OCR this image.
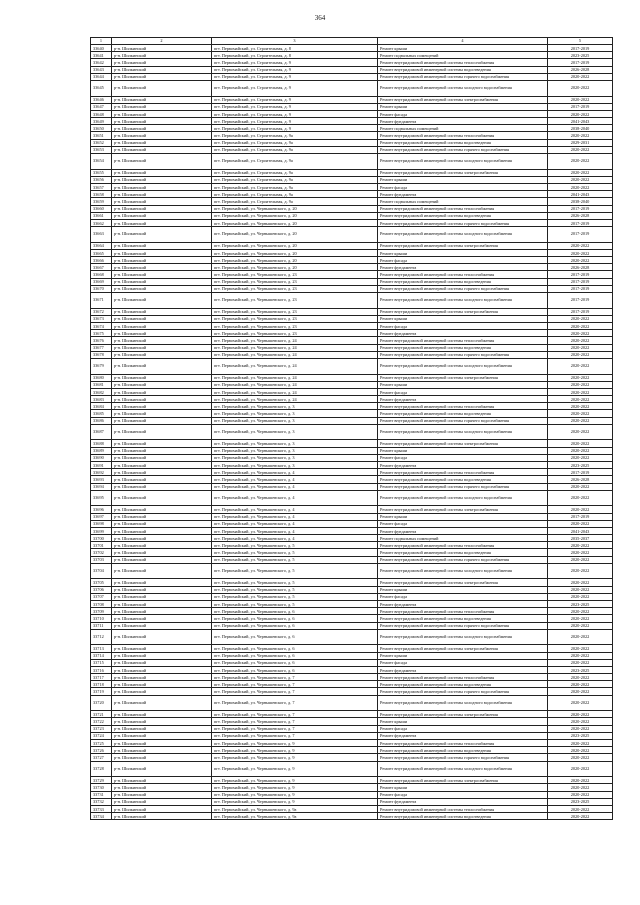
364
1	2	3	4	5
33640	р-н. Шилкинский	пгт. Первомайский, ул. Строительная, д. 8	Ремонт крыши	2017-2019
33641	р-н. Шилкинский	пгт. Первомайский, ул. Строительная, д. 8	Ремонт подвальных помещений	2023-2025
33642	р-н. Шилкинский	пгт. Первомайский, ул. Строительная, д. 9	Ремонт внутридомовой инженерной системы теплоснабжения	2017-2019
33643	р-н. Шилкинский	пгт. Первомайский, ул. Строительная, д. 9	Ремонт внутридомовой инженерной системы водоотведения	2026-2028
33644	р-н. Шилкинский	пгт. Первомайский, ул. Строительная, д. 9	Ремонт внутридомовой инженерной системы горячего водоснабжения	2020-2022
33645	р-н. Шилкинский	пгт. Первомайский, ул. Строительная, д. 9	Ремонт внутридомовой инженерной системы холодного водоснабжения	2020-2022
33646	р-н. Шилкинский	пгт. Первомайский, ул. Строительная, д. 9	Ремонт внутридомовой инженерной системы электроснабжения	2020-2022
33647	р-н. Шилкинский	пгт. Первомайский, ул. Строительная, д. 9	Ремонт крыши	2017-2019
33648	р-н. Шилкинский	пгт. Первомайский, ул. Строительная, д. 9	Ремонт фасада	2020-2022
33649	р-н. Шилкинский	пгт. Первомайский, ул. Строительная, д. 9	Ремонт фундамента	2041-2043
33650	р-н. Шилкинский	пгт. Первомайский, ул. Строительная, д. 9	Ремонт подвальных помещений	2038-2040
33651	р-н. Шилкинский	пгт. Первомайский, ул. Строительная, д. 9а	Ремонт внутридомовой инженерной системы теплоснабжения	2020-2022
33652	р-н. Шилкинский	пгт. Первомайский, ул. Строительная, д. 9а	Ремонт внутридомовой инженерной системы водоотведения	2029-2031
33653	р-н. Шилкинский	пгт. Первомайский, ул. Строительная, д. 9а	Ремонт внутридомовой инженерной системы горячего водоснабжения	2020-2022
33654	р-н. Шилкинский	пгт. Первомайский, ул. Строительная, д. 9а	Ремонт внутридомовой инженерной системы холодного водоснабжения	2020-2022
33655	р-н. Шилкинский	пгт. Первомайский, ул. Строительная, д. 9а	Ремонт внутридомовой инженерной системы электроснабжения	2020-2022
33656	р-н. Шилкинский	пгт. Первомайский, ул. Строительная, д. 9а	Ремонт крыши	2020-2022
33657	р-н. Шилкинский	пгт. Первомайский, ул. Строительная, д. 9а	Ремонт фасада	2020-2022
33658	р-н. Шилкинский	пгт. Первомайский, ул. Строительная, д. 9а	Ремонт фундамента	2041-2043
33659	р-н. Шилкинский	пгт. Первомайский, ул. Строительная, д. 9а	Ремонт подвальных помещений	2038-2040
33660	р-н. Шилкинский	пгт. Первомайский, ул. Чернышевского, д. 20	Ремонт внутридомовой инженерной системы теплоснабжения	2017-2019
33661	р-н. Шилкинский	пгт. Первомайский, ул. Чернышевского, д. 20	Ремонт внутридомовой инженерной системы водоотведения	2026-2028
33662	р-н. Шилкинский	пгт. Первомайский, ул. Чернышевского, д. 20	Ремонт внутридомовой инженерной системы горячего водоснабжения	2017-2019
33663	р-н. Шилкинский	пгт. Первомайский, ул. Чернышевского, д. 20	Ремонт внутридомовой инженерной системы холодного водоснабжения	2017-2019
33664	р-н. Шилкинский	пгт. Первомайский, ул. Чернышевского, д. 20	Ремонт внутридомовой инженерной системы электроснабжения	2020-2022
33665	р-н. Шилкинский	пгт. Первомайский, ул. Чернышевского, д. 20	Ремонт крыши	2020-2022
33666	р-н. Шилкинский	пгт. Первомайский, ул. Чернышевского, д. 20	Ремонт фасада	2020-2022
33667	р-н. Шилкинский	пгт. Первомайский, ул. Чернышевского, д. 20	Ремонт фундамента	2026-2028
33668	р-н. Шилкинский	пгт. Первомайский, ул. Чернышевского, д. 23	Ремонт внутридомовой инженерной системы теплоснабжения	2017-2019
33669	р-н. Шилкинский	пгт. Первомайский, ул. Чернышевского, д. 23	Ремонт внутридомовой инженерной системы водоотведения	2017-2019
33670	р-н. Шилкинский	пгт. Первомайский, ул. Чернышевского, д. 23	Ремонт внутридомовой инженерной системы горячего водоснабжения	2017-2019
33671	р-н. Шилкинский	пгт. Первомайский, ул. Чернышевского, д. 23	Ремонт внутридомовой инженерной системы холодного водоснабжения	2017-2019
33672	р-н. Шилкинский	пгт. Первомайский, ул. Чернышевского, д. 23	Ремонт внутридомовой инженерной системы электроснабжения	2017-2019
33673	р-н. Шилкинский	пгт. Первомайский, ул. Чернышевского, д. 23	Ремонт крыши	2020-2022
33674	р-н. Шилкинский	пгт. Первомайский, ул. Чернышевского, д. 23	Ремонт фасада	2020-2022
33675	р-н. Шилкинский	пгт. Первомайский, ул. Чернышевского, д. 23	Ремонт фундамента	2020-2022
33676	р-н. Шилкинский	пгт. Первомайский, ул. Чернышевского, д. 24	Ремонт внутридомовой инженерной системы теплоснабжения	2020-2022
33677	р-н. Шилкинский	пгт. Первомайский, ул. Чернышевского, д. 24	Ремонт внутридомовой инженерной системы водоотведения	2020-2022
33678	р-н. Шилкинский	пгт. Первомайский, ул. Чернышевского, д. 24	Ремонт внутридомовой инженерной системы горячего водоснабжения	2020-2022
33679	р-н. Шилкинский	пгт. Первомайский, ул. Чернышевского, д. 24	Ремонт внутридомовой инженерной системы холодного водоснабжения	2020-2022
33680	р-н. Шилкинский	пгт. Первомайский, ул. Чернышевского, д. 24	Ремонт внутридомовой инженерной системы электроснабжения	2020-2022
33681	р-н. Шилкинский	пгт. Первомайский, ул. Чернышевского, д. 24	Ремонт крыши	2020-2022
33682	р-н. Шилкинский	пгт. Первомайский, ул. Чернышевского, д. 24	Ремонт фасада	2020-2022
33683	р-н. Шилкинский	пгт. Первомайский, ул. Чернышевского, д. 24	Ремонт фундамента	2020-2022
33684	р-н. Шилкинский	пгт. Первомайский, ул. Чернышевского, д. 3	Ремонт внутридомовой инженерной системы теплоснабжения	2020-2022
33685	р-н. Шилкинский	пгт. Первомайский, ул. Чернышевского, д. 3	Ремонт внутридомовой инженерной системы водоотведения	2020-2022
33686	р-н. Шилкинский	пгт. Первомайский, ул. Чернышевского, д. 3	Ремонт внутридомовой инженерной системы горячего водоснабжения	2020-2022
33687	р-н. Шилкинский	пгт. Первомайский, ул. Чернышевского, д. 3	Ремонт внутридомовой инженерной системы холодного водоснабжения	2020-2022
33688	р-н. Шилкинский	пгт. Первомайский, ул. Чернышевского, д. 3	Ремонт внутридомовой инженерной системы электроснабжения	2020-2022
33689	р-н. Шилкинский	пгт. Первомайский, ул. Чернышевского, д. 3	Ремонт крыши	2020-2022
33690	р-н. Шилкинский	пгт. Первомайский, ул. Чернышевского, д. 3	Ремонт фасада	2020-2022
33691	р-н. Шилкинский	пгт. Первомайский, ул. Чернышевского, д. 3	Ремонт фундамента	2023-2025
33692	р-н. Шилкинский	пгт. Первомайский, ул. Чернышевского, д. 4	Ремонт внутридомовой инженерной системы теплоснабжения	2017-2019
33693	р-н. Шилкинский	пгт. Первомайский, ул. Чернышевского, д. 4	Ремонт внутридомовой инженерной системы водоотведения	2026-2028
33694	р-н. Шилкинский	пгт. Первомайский, ул. Чернышевского, д. 4	Ремонт внутридомовой инженерной системы горячего водоснабжения	2020-2022
33695	р-н. Шилкинский	пгт. Первомайский, ул. Чернышевского, д. 4	Ремонт внутридомовой инженерной системы холодного водоснабжения	2020-2022
33696	р-н. Шилкинский	пгт. Первомайский, ул. Чернышевского, д. 4	Ремонт внутридомовой инженерной системы электроснабжения	2020-2022
33697	р-н. Шилкинский	пгт. Первомайский, ул. Чернышевского, д. 4	Ремонт крыши	2017-2019
33698	р-н. Шилкинский	пгт. Первомайский, ул. Чернышевского, д. 4	Ремонт фасада	2020-2022
33699	р-н. Шилкинский	пгт. Первомайский, ул. Чернышевского, д. 4	Ремонт фундамента	2041-2043
33700	р-н. Шилкинский	пгт. Первомайский, ул. Чернышевского, д. 4	Ремонт подвальных помещений	2035-2037
33701	р-н. Шилкинский	пгт. Первомайский, ул. Чернышевского, д. 5	Ремонт внутридомовой инженерной системы теплоснабжения	2020-2022
33702	р-н. Шилкинский	пгт. Первомайский, ул. Чернышевского, д. 5	Ремонт внутридомовой инженерной системы водоотведения	2020-2022
33703	р-н. Шилкинский	пгт. Первомайский, ул. Чернышевского, д. 5	Ремонт внутридомовой инженерной системы горячего водоснабжения	2020-2022
33704	р-н. Шилкинский	пгт. Первомайский, ул. Чернышевского, д. 5	Ремонт внутридомовой инженерной системы холодного водоснабжения	2020-2022
33705	р-н. Шилкинский	пгт. Первомайский, ул. Чернышевского, д. 5	Ремонт внутридомовой инженерной системы электроснабжения	2020-2022
33706	р-н. Шилкинский	пгт. Первомайский, ул. Чернышевского, д. 5	Ремонт крыши	2020-2022
33707	р-н. Шилкинский	пгт. Первомайский, ул. Чернышевского, д. 5	Ремонт фасада	2020-2022
33708	р-н. Шилкинский	пгт. Первомайский, ул. Чернышевского, д. 5	Ремонт фундамента	2023-2025
33709	р-н. Шилкинский	пгт. Первомайский, ул. Чернышевского, д. 6	Ремонт внутридомовой инженерной системы теплоснабжения	2020-2022
33710	р-н. Шилкинский	пгт. Первомайский, ул. Чернышевского, д. 6	Ремонт внутридомовой инженерной системы водоотведения	2020-2022
33711	р-н. Шилкинский	пгт. Первомайский, ул. Чернышевского, д. 6	Ремонт внутридомовой инженерной системы горячего водоснабжения	2020-2022
33712	р-н. Шилкинский	пгт. Первомайский, ул. Чернышевского, д. 6	Ремонт внутридомовой инженерной системы холодного водоснабжения	2020-2022
33713	р-н. Шилкинский	пгт. Первомайский, ул. Чернышевского, д. 6	Ремонт внутридомовой инженерной системы электроснабжения	2020-2022
33714	р-н. Шилкинский	пгт. Первомайский, ул. Чернышевского, д. 6	Ремонт крыши	2020-2022
33715	р-н. Шилкинский	пгт. Первомайский, ул. Чернышевского, д. 6	Ремонт фасада	2020-2022
33716	р-н. Шилкинский	пгт. Первомайский, ул. Чернышевского, д. 6	Ремонт фундамента	2023-2025
33717	р-н. Шилкинский	пгт. Первомайский, ул. Чернышевского, д. 7	Ремонт внутридомовой инженерной системы теплоснабжения	2020-2022
33718	р-н. Шилкинский	пгт. Первомайский, ул. Чернышевского, д. 7	Ремонт внутридомовой инженерной системы водоотведения	2020-2022
33719	р-н. Шилкинский	пгт. Первомайский, ул. Чернышевского, д. 7	Ремонт внутридомовой инженерной системы горячего водоснабжения	2020-2022
33720	р-н. Шилкинский	пгт. Первомайский, ул. Чернышевского, д. 7	Ремонт внутридомовой инженерной системы холодного водоснабжения	2020-2022
33721	р-н. Шилкинский	пгт. Первомайский, ул. Чернышевского, д. 7	Ремонт внутридомовой инженерной системы электроснабжения	2020-2022
33722	р-н. Шилкинский	пгт. Первомайский, ул. Чернышевского, д. 7	Ремонт крыши	2020-2022
33723	р-н. Шилкинский	пгт. Первомайский, ул. Чернышевского, д. 7	Ремонт фасада	2020-2022
33724	р-н. Шилкинский	пгт. Первомайский, ул. Чернышевского, д. 7	Ремонт фундамента	2023-2025
33725	р-н. Шилкинский	пгт. Первомайский, ул. Чернышевского, д. 9	Ремонт внутридомовой инженерной системы теплоснабжения	2020-2022
33726	р-н. Шилкинский	пгт. Первомайский, ул. Чернышевского, д. 9	Ремонт внутридомовой инженерной системы водоотведения	2020-2022
33727	р-н. Шилкинский	пгт. Первомайский, ул. Чернышевского, д. 9	Ремонт внутридомовой инженерной системы горячего водоснабжения	2020-2022
33728	р-н. Шилкинский	пгт. Первомайский, ул. Чернышевского, д. 9	Ремонт внутридомовой инженерной системы холодного водоснабжения	2020-2022
33729	р-н. Шилкинский	пгт. Первомайский, ул. Чернышевского, д. 9	Ремонт внутридомовой инженерной системы электроснабжения	2020-2022
33730	р-н. Шилкинский	пгт. Первомайский, ул. Чернышевского, д. 9	Ремонт крыши	2020-2022
33731	р-н. Шилкинский	пгт. Первомайский, ул. Чернышевского, д. 9	Ремонт фасада	2020-2022
33732	р-н. Шилкинский	пгт. Первомайский, ул. Чернышевского, д. 9	Ремонт фундамента	2023-2025
33733	р-н. Шилкинский	пгт. Первомайский, ул. Чернышевского, д. 9а	Ремонт внутридомовой инженерной системы теплоснабжения	2020-2022
33734	р-н. Шилкинский	пгт. Первомайский, ул. Чернышевского, д. 9а	Ремонт внутридомовой инженерной системы водоотведения	2020-2022
